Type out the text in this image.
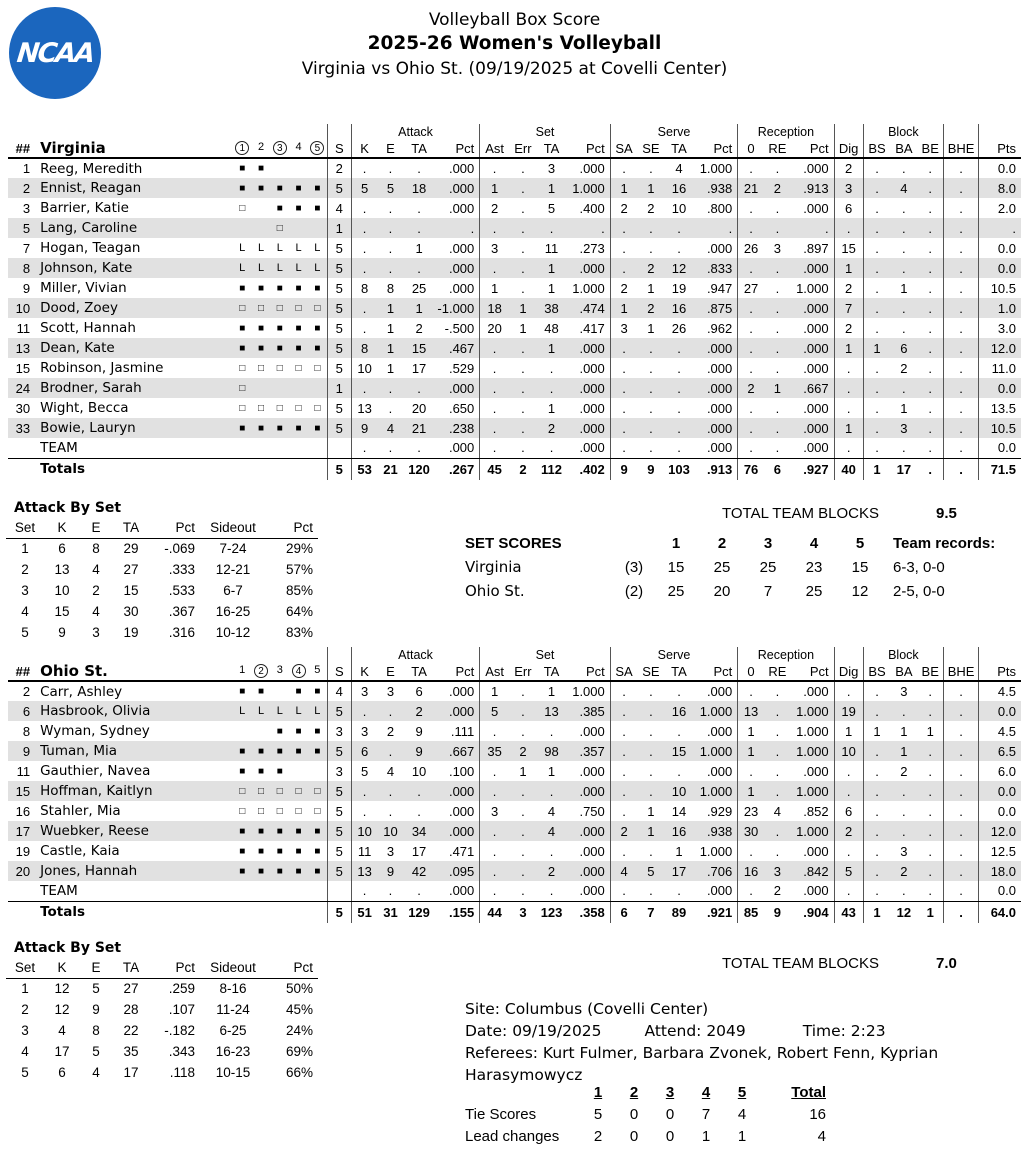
NCAA
Volleyball Box Score
2025-26 Women's Volleyball
Virginia vs Ohio St. (09/19/2025 at Covelli Center)
				Attack				Set				Serve				Reception				Block				
##	Virginia	1 2 3 4 5	S	K	E	TA	Pct	Ast	Err	TA	Pct	SA	SE	TA	Pct	0	RE	Pct	Dig	BS	BA	BE	BHE	Pts
1	Reeg, Meredith	■ ■	2	.	.	.	.000	.	.	3	.000	.	.	4	1.000	.	.	.000	2	.	.	.	.	0.0
2	Ennist, Reagan	■ ■ ■ ■ ■	5	5	5	18	.000	1	.	1	1.000	1	1	16	.938	21	2	.913	3	.	4	.	.	8.0
3	Barrier, Katie	□ ■ ■ ■	4	.	.	.	.000	2	.	5	.400	2	2	10	.800	.	.	.000	6	.	.	.	.	2.0
5	Lang, Caroline	□	1	.	.	.	.	.	.	.	.	.	.	.	.	.	.	.	.	.	.	.	.	.
7	Hogan, Teagan	L L L L L	5	.	.	1	.000	3	.	11	.273	.	.	.	.000	26	3	.897	15	.	.	.	.	0.0
8	Johnson, Kate	L L L L L	5	.	.	.	.000	.	.	1	.000	.	2	12	.833	.	.	.000	1	.	.	.	.	0.0
9	Miller, Vivian	■ ■ ■ ■ ■	5	8	8	25	.000	1	.	1	1.000	2	1	19	.947	27	.	1.000	2	.	1	.	.	10.5
10	Dood, Zoey	□ □ □ □ □	5	.	1	1	-1.000	18	1	38	.474	1	2	16	.875	.	.	.000	7	.	.	.	.	1.0
11	Scott, Hannah	■ ■ ■ ■ ■	5	.	1	2	-.500	20	1	48	.417	3	1	26	.962	.	.	.000	2	.	.	.	.	3.0
13	Dean, Kate	■ ■ ■ ■ ■	5	8	1	15	.467	.	.	1	.000	.	.	.	.000	.	.	.000	1	1	6	.	.	12.0
15	Robinson, Jasmine	□ □ □ □ □	5	10	1	17	.529	.	.	.	.000	.	.	.	.000	.	.	.000	.	.	2	.	.	11.0
24	Brodner, Sarah	□	1	.	.	.	.000	.	.	.	.000	.	.	.	.000	2	1	.667	.	.	.	.	.	0.0
30	Wight, Becca	□ □ □ □ □	5	13	.	20	.650	.	.	1	.000	.	.	.	.000	.	.	.000	.	.	1	.	.	13.5
33	Bowie, Lauryn	■ ■ ■ ■ ■	5	9	4	21	.238	.	.	2	.000	.	.	.	.000	.	.	.000	1	.	3	.	.	10.5
	TEAM			.	.	.	.000	.	.	.	.000	.	.	.	.000	.	.	.000	.	.	.	.	.	0.0
	Totals		5	53	21	120	.267	45	2	112	.402	9	9	103	.913	76	6	.927	40	1	17	.	.	71.5
Attack By Set
Set	K	E	TA	Pct	Sideout	Pct
1	6	8	29	-.069	7-24	29%
2	13	4	27	.333	12-21	57%
3	10	2	15	.533	6-7	85%
4	15	4	30	.367	16-25	64%
5	9	3	19	.316	10-12	83%
TOTAL TEAM BLOCKS	9.5
SET SCORES		1	2	3	4	5	Team records:
Virginia	(3)	15	25	25	23	15	6-3, 0-0
Ohio St.	(2)	25	20	7	25	12	2-5, 0-0
				Attack				Set				Serve				Reception				Block				
##	Ohio St.	1 2 3 4 5	S	K	E	TA	Pct	Ast	Err	TA	Pct	SA	SE	TA	Pct	0	RE	Pct	Dig	BS	BA	BE	BHE	Pts
2	Carr, Ashley	■ ■ ■ ■	4	3	3	6	.000	1	.	1	1.000	.	.	.	.000	.	.	.000	.	.	3	.	.	4.5
6	Hasbrook, Olivia	L L L L L	5	.	.	2	.000	5	.	13	.385	.	.	16	1.000	13	.	1.000	19	.	.	.	.	0.0
8	Wyman, Sydney	■ ■ ■	3	3	2	9	.111	.	.	.	.000	.	.	.	.000	1	.	1.000	1	1	1	1	.	4.5
9	Tuman, Mia	■ ■ ■ ■ ■	5	6	.	9	.667	35	2	98	.357	.	.	15	1.000	1	.	1.000	10	.	1	.	.	6.5
11	Gauthier, Navea	■ ■ ■	3	5	4	10	.100	.	1	1	.000	.	.	.	.000	.	.	.000	.	.	2	.	.	6.0
15	Hoffman, Kaitlyn	□ □ □ □ □	5	.	.	.	.000	.	.	.	.000	.	.	10	1.000	1	.	1.000	.	.	.	.	.	0.0
16	Stahler, Mia	□ □ □ □ □	5	.	.	.	.000	3	.	4	.750	.	1	14	.929	23	4	.852	6	.	.	.	.	0.0
17	Wuebker, Reese	■ ■ ■ ■ ■	5	10	10	34	.000	.	.	4	.000	2	1	16	.938	30	.	1.000	2	.	.	.	.	12.0
19	Castle, Kaia	■ ■ ■ ■ ■	5	11	3	17	.471	.	.	.	.000	.	.	1	1.000	.	.	.000	.	.	3	.	.	12.5
20	Jones, Hannah	■ ■ ■ ■ ■	5	13	9	42	.095	.	.	2	.000	4	5	17	.706	16	3	.842	5	.	2	.	.	18.0
	TEAM			.	.	.	.000	.	.	.	.000	.	.	.	.000	.	2	.000	.	.	.	.	.	0.0
	Totals		5	51	31	129	.155	44	3	123	.358	6	7	89	.921	85	9	.904	43	1	12	1	.	64.0
Attack By Set
Set	K	E	TA	Pct	Sideout	Pct
1	12	5	27	.259	8-16	50%
2	12	9	28	.107	11-24	45%
3	4	8	22	-.182	6-25	24%
4	17	5	35	.343	16-23	69%
5	6	4	17	.118	10-15	66%
TOTAL TEAM BLOCKS	7.0
Site: Columbus (Covelli Center)
Date: 09/19/2025	Attend: 2049	Time: 2:23
Referees: Kurt Fulmer, Barbara Zvonek, Robert Fenn, Kyprian Harasymowycz
	1	2	3	4	5	Total
Tie Scores	5	0	0	7	4	16
Lead changes	2	0	0	1	1	4
